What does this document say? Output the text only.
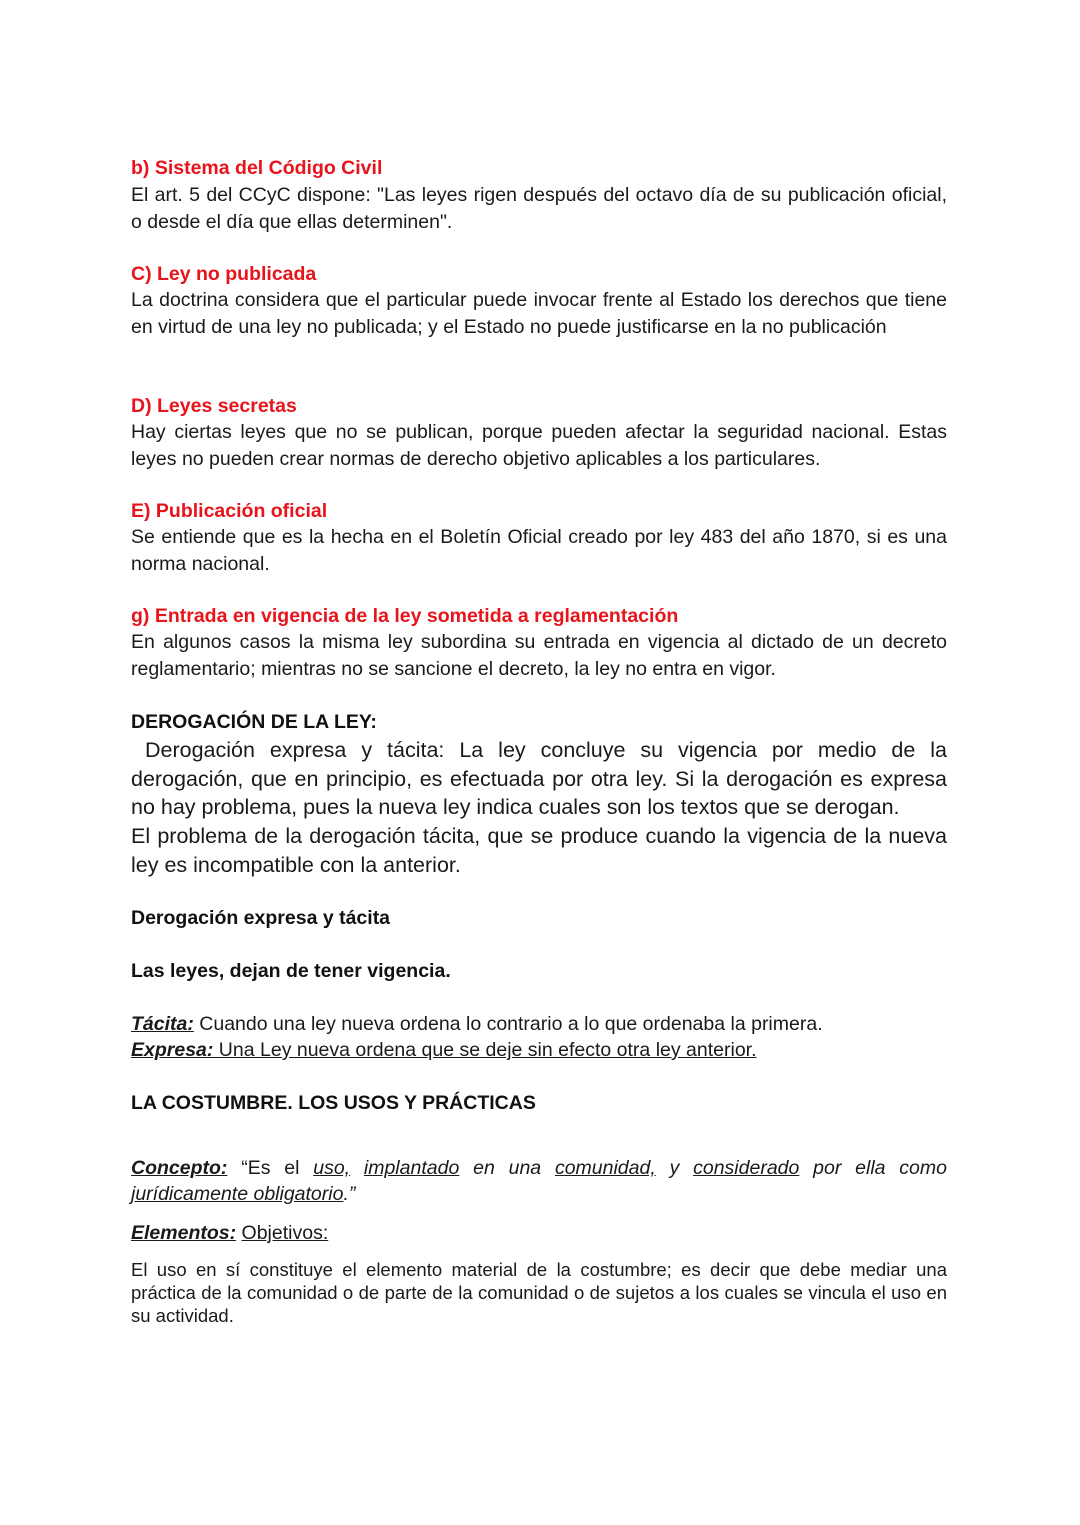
b) Sistema del Código Civil

El art. 5 del CCyC dispone: "Las leyes rigen después del octavo día de su publicación oficial, o desde el día que ellas determinen".

C) Ley no publicada

La doctrina considera que el particular puede invocar frente al Estado los derechos que tiene en virtud de una ley no publicada; y el Estado no puede justificarse en la no publicación

D) Leyes secretas

Hay ciertas leyes que no se publican, porque pueden afectar la seguridad nacional. Estas leyes no pueden crear normas de derecho objetivo aplicables a los particulares.

E) Publicación oficial

Se entiende que es la hecha en el Boletín Oficial creado por ley 483 del año 1870, si es una norma nacional.

g) Entrada en vigencia de la ley sometida a reglamentación

En algunos casos la misma ley subordina su entrada en vigencia al dictado de un decreto reglamentario; mientras no se sancione el decreto, la ley no entra en vigor.

DEROGACIÓN DE LA LEY:

Derogación expresa y tácita: La ley concluye su vigencia por medio de la derogación, que en principio, es efectuada por otra ley. Si la derogación es expresa no hay problema, pues la nueva ley indica cuales son los textos que se derogan.

El problema de la derogación tácita, que se produce cuando la vigencia de la nueva ley es incompatible con la anterior.

Derogación expresa y tácita

Las leyes, dejan de tener vigencia.

Tácita: Cuando una ley nueva ordena lo contrario a lo que ordenaba la primera.

Expresa: Una Ley nueva ordena que se deje sin efecto otra ley anterior.

LA COSTUMBRE. LOS USOS Y PRÁCTICAS

Concepto: “Es el uso, implantado en una comunidad, y considerado por ella como

jurídicamente obligatorio.”

Elementos: Objetivos:

El uso en sí constituye el elemento material de la costumbre; es decir que debe mediar una práctica de la comunidad o de parte de la comunidad o de sujetos a los cuales se vincula el uso en su actividad.
